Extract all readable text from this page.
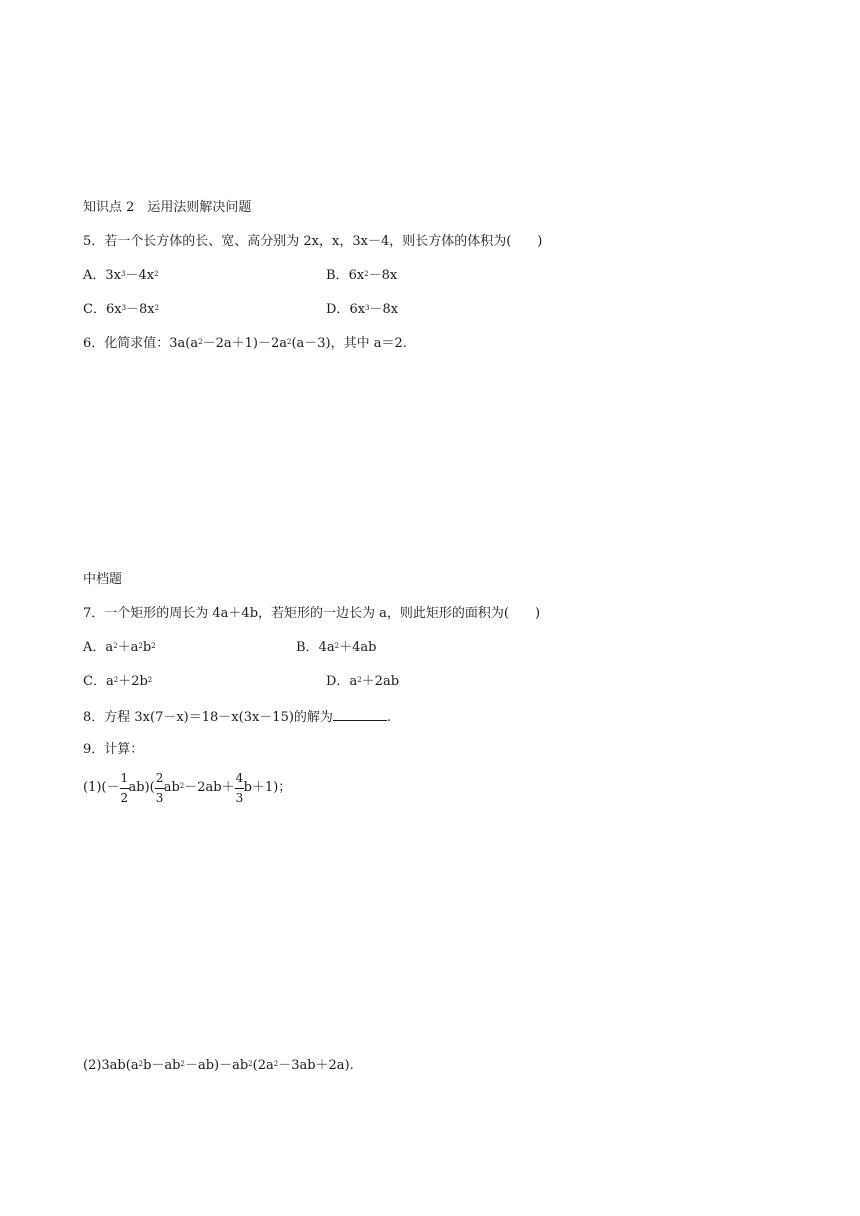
知识点 2　运用法则解决问题
5．若一个长方体的长、宽、高分别为 2x，x，3x－4，则长方体的体积为(　　)
A．$3x^3-4x^2$	B．$6x^2-8x$
C．$6x^3-8x^2$	D．$6x^3-8x$
6．化简求值：$3a(a^2-2a+1)-2a^2(a-3)$，其中 a＝2.
中档题
7．一个矩形的周长为 4a＋4b，若矩形的一边长为 a，则此矩形的面积为(　　)
A．$a^2+a^2b^2$	B．$4a^2+4ab$
C．$a^2+2b^2$	D．$a^2+2ab$
8．方程 3x(7－x)＝18－x(3x－15)的解为	.
9．计算：
$(1)(- \frac{1}{2} ab)( \frac{2}{3} ab^2-2ab+ \frac{4}{3} b+1)$；
$(2)3ab(a^2b-ab^2-ab)-ab^2(2a^2-3ab+2a)$.
